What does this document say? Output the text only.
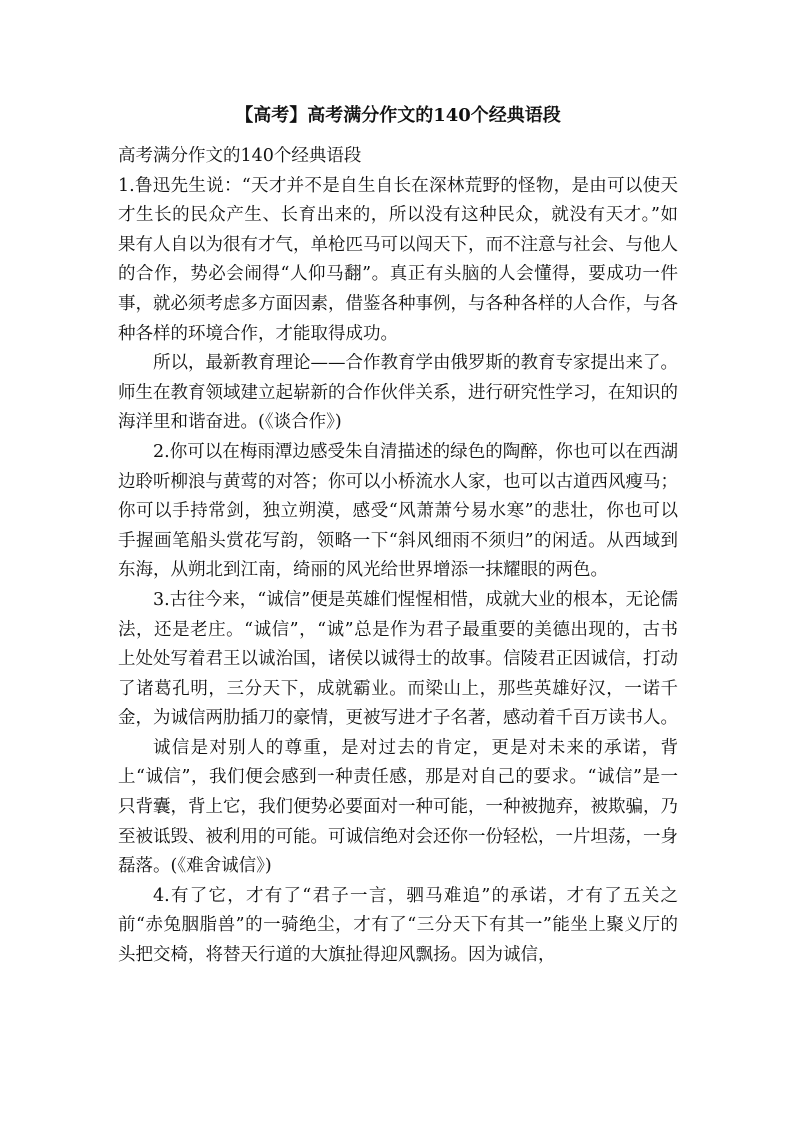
【高考】高考满分作文的140个经典语段

高考满分作文的140个经典语段

1.鲁迅先生说：“天才并不是自生自长在深林荒野的怪物，是由可以使天才生长的民众产生、长育出来的，所以没有这种民众，就没有天才。”如果有人自以为很有才气，单枪匹马可以闯天下，而不注意与社会、与他人的合作，势必会闹得“人仰马翻”。真正有头脑的人会懂得，要成功一件事，就必须考虑多方面因素，借鉴各种事例，与各种各样的人合作，与各种各样的环境合作，才能取得成功。

所以，最新教育理论——合作教育学由俄罗斯的教育专家提出来了。师生在教育领域建立起崭新的合作伙伴关系，进行研究性学习，在知识的海洋里和谐奋进。(《谈合作》)

2.你可以在梅雨潭边感受朱自清描述的绿色的陶醉，你也可以在西湖边聆听柳浪与黄莺的对答；你可以小桥流水人家，也可以古道西风瘦马；你可以手持常剑，独立朔漠，感受“风萧萧兮易水寒”的悲壮，你也可以手握画笔船头赏花写韵，领略一下“斜风细雨不须归”的闲适。从西域到东海，从朔北到江南，绮丽的风光给世界增添一抹耀眼的两色。

3.古往今来，“诚信”便是英雄们惺惺相惜，成就大业的根本，无论儒法，还是老庄。“诚信”，“诚”总是作为君子最重要的美德出现的，古书上处处写着君王以诚治国，诸侯以诚得士的故事。信陵君正因诚信，打动了诸葛孔明，三分天下，成就霸业。而梁山上，那些英雄好汉，一诺千金，为诚信两肋插刀的豪情，更被写进才子名著，感动着千百万读书人。

诚信是对别人的尊重，是对过去的肯定，更是对未来的承诺，背上“诚信”，我们便会感到一种责任感，那是对自己的要求。“诚信”是一只背囊，背上它，我们便势必要面对一种可能，一种被抛弃，被欺骗，乃至被诋毁、被利用的可能。可诚信绝对会还你一份轻松，一片坦荡，一身磊落。(《难舍诚信》)

4.有了它，才有了“君子一言，驷马难追”的承诺，才有了五关之前“赤兔胭脂兽”的一骑绝尘，才有了“三分天下有其一”能坐上聚义厅的头把交椅，将替天行道的大旗扯得迎风飘扬。因为诚信，
